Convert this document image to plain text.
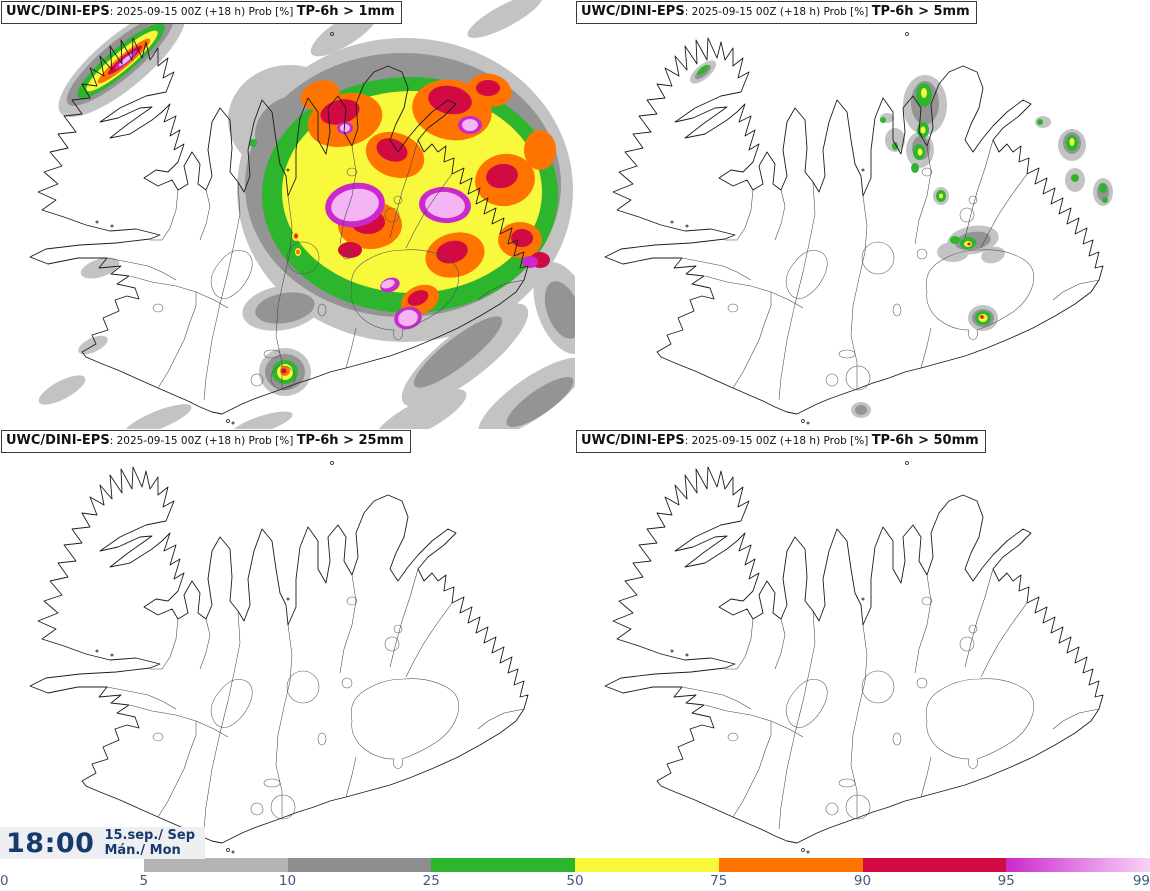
UWC/DINI-EPS: 2025-09-15 00Z (+18 h) Prob [%] TP-6h > 1mm	UWC/DINI-EPS: 2025-09-15 00Z (+18 h) Prob [%] TP-6h > 5mm
UWC/DINI-EPS: 2025-09-15 00Z (+18 h) Prob [%] TP-6h > 25mm	UWC/DINI-EPS: 2025-09-15 00Z (+18 h) Prob [%] TP-6h > 50mm
18:00 15.sep./ Sep
Mán./ Mon
0	5	10	25	50	75	90	95	99
